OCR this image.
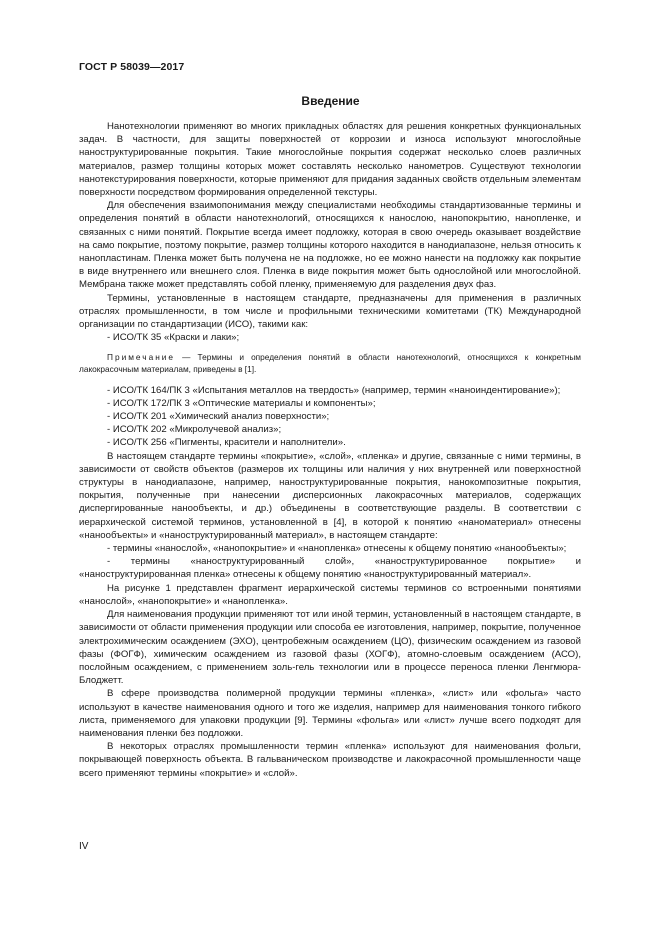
ГОСТ Р 58039—2017
Введение

Нанотехнологии применяют во многих прикладных областях для решения конкретных функциональных задач. В частности, для защиты поверхностей от коррозии и износа используют многослойные наноструктурированные покрытия. Такие многослойные покрытия содержат несколько слоев различных материалов, размер толщины которых может составлять несколько нанометров. Существуют технологии нанотекстурирования поверхности, которые применяют для придания заданных свойств отдельным элементам поверхности посредством формирования определенной текстуры.

Для обеспечения взаимопонимания между специалистами необходимы стандартизованные термины и определения понятий в области нанотехнологий, относящихся к нанослою, нанопокрытию, нанопленке, и связанных с ними понятий. Покрытие всегда имеет подложку, которая в свою очередь оказывает воздействие на само покрытие, поэтому покрытие, размер толщины которого находится в нанодиапазоне, нельзя относить к нанопластинам. Пленка может быть получена не на подложке, но ее можно нанести на подложку как покрытие в виде внутреннего или внешнего слоя. Пленка в виде покрытия может быть однослойной или многослойной. Мембрана также может представлять собой пленку, применяемую для разделения двух фаз.

Термины, установленные в настоящем стандарте, предназначены для применения в различных отраслях промышленности, в том числе и профильными техническими комитетами (ТК) Международной организации по стандартизации (ИСО), такими как:

- ИСО/ТК 35 «Краски и лаки»;

Примечание — Термины и определения понятий в области нанотехнологий, относящихся к конкретным лакокрасочным материалам, приведены в [1].

- ИСО/ТК 164/ПК 3 «Испытания металлов на твердость» (например, термин «наноиндентирование»);

- ИСО/ТК 172/ПК 3 «Оптические материалы и компоненты»;

- ИСО/ТК 201 «Химический анализ поверхности»;

- ИСО/ТК 202 «Микролучевой анализ»;

- ИСО/ТК 256 «Пигменты, красители и наполнители».

В настоящем стандарте термины «покрытие», «слой», «пленка» и другие, связанные с ними термины, в зависимости от свойств объектов (размеров их толщины или наличия у них внутренней или поверхностной структуры в нанодиапазоне, например, наноструктурированные покрытия, нанокомпозитные покрытия, покрытия, полученные при нанесении дисперсионных лакокрасочных материалов, содержащих диспергированные нанообъекты, и др.) объединены в соответствующие разделы. В соответствии с иерархической системой терминов, установленной в [4], в которой к понятию «наноматериал» отнесены «нанообъекты» и «наноструктурированный материал», в настоящем стандарте:

- термины «нанослой», «нанопокрытие» и «нанопленка» отнесены к общему понятию «нанообъекты»;

- термины «наноструктурированный слой», «наноструктурированное покрытие» и «наноструктурированная пленка» отнесены к общему понятию «наноструктурированный материал».

На рисунке 1 представлен фрагмент иерархической системы терминов со встроенными понятиями «нанослой», «нанопокрытие» и «нанопленка».

Для наименования продукции применяют тот или иной термин, установленный в настоящем стандарте, в зависимости от области применения продукции или способа ее изготовления, например, покрытие, полученное электрохимическим осаждением (ЭХО), центробежным осаждением (ЦО), физическим осаждением из газовой фазы (ФОГФ), химическим осаждением из газовой фазы (ХОГФ), атомно-слоевым осаждением (АСО), послойным осаждением, с применением золь-гель технологии или в процессе переноса пленки Ленгмюра-Блоджетт.

В сфере производства полимерной продукции термины «пленка», «лист» или «фольга» часто используют в качестве наименования одного и того же изделия, например для наименования тонкого гибкого листа, применяемого для упаковки продукции [9]. Термины «фольга» или «лист» лучше всего подходят для наименования пленки без подложки.

В некоторых отраслях промышленности термин «пленка» используют для наименования фольги, покрывающей поверхность объекта. В гальваническом производстве и лакокрасочной промышленности чаще всего применяют термины «покрытие» и «слой».

IV
